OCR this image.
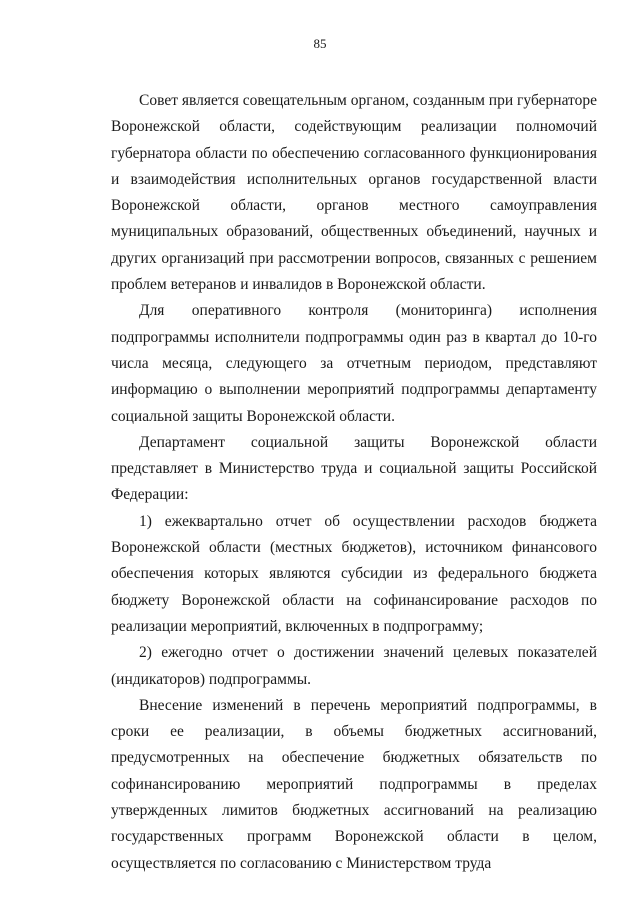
85

Совет является совещательным органом, созданным при губернаторе Воронежской области, содействующим реализации полномочий губернатора области по обеспечению согласованного функционирования и взаимодействия исполнительных органов государственной власти Воронежской области, органов местного самоуправления муниципальных образований, общественных объединений, научных и других организаций при рассмотрении вопросов, связанных с решением проблем ветеранов и инвалидов в Воронежской области.

Для оперативного контроля (мониторинга) исполнения подпрограммы исполнители подпрограммы один раз в квартал до 10-го числа месяца, следующего за отчетным периодом, представляют информацию о выполнении мероприятий подпрограммы департаменту социальной защиты Воронежской области.

Департамент социальной защиты Воронежской области представляет в Министерство труда и социальной защиты Российской Федерации:

1) ежеквартально отчет об осуществлении расходов бюджета Воронежской области (местных бюджетов), источником финансового обеспечения которых являются субсидии из федерального бюджета бюджету Воронежской области на софинансирование расходов по реализации мероприятий, включенных в подпрограмму;

2) ежегодно отчет о достижении значений целевых показателей (индикаторов) подпрограммы.

Внесение изменений в перечень мероприятий подпрограммы, в сроки ее реализации, в объемы бюджетных ассигнований, предусмотренных на обеспечение бюджетных обязательств по софинансированию мероприятий подпрограммы в пределах утвержденных лимитов бюджетных ассигнований на реализацию государственных программ Воронежской области в целом, осуществляется по согласованию с Министерством труда
